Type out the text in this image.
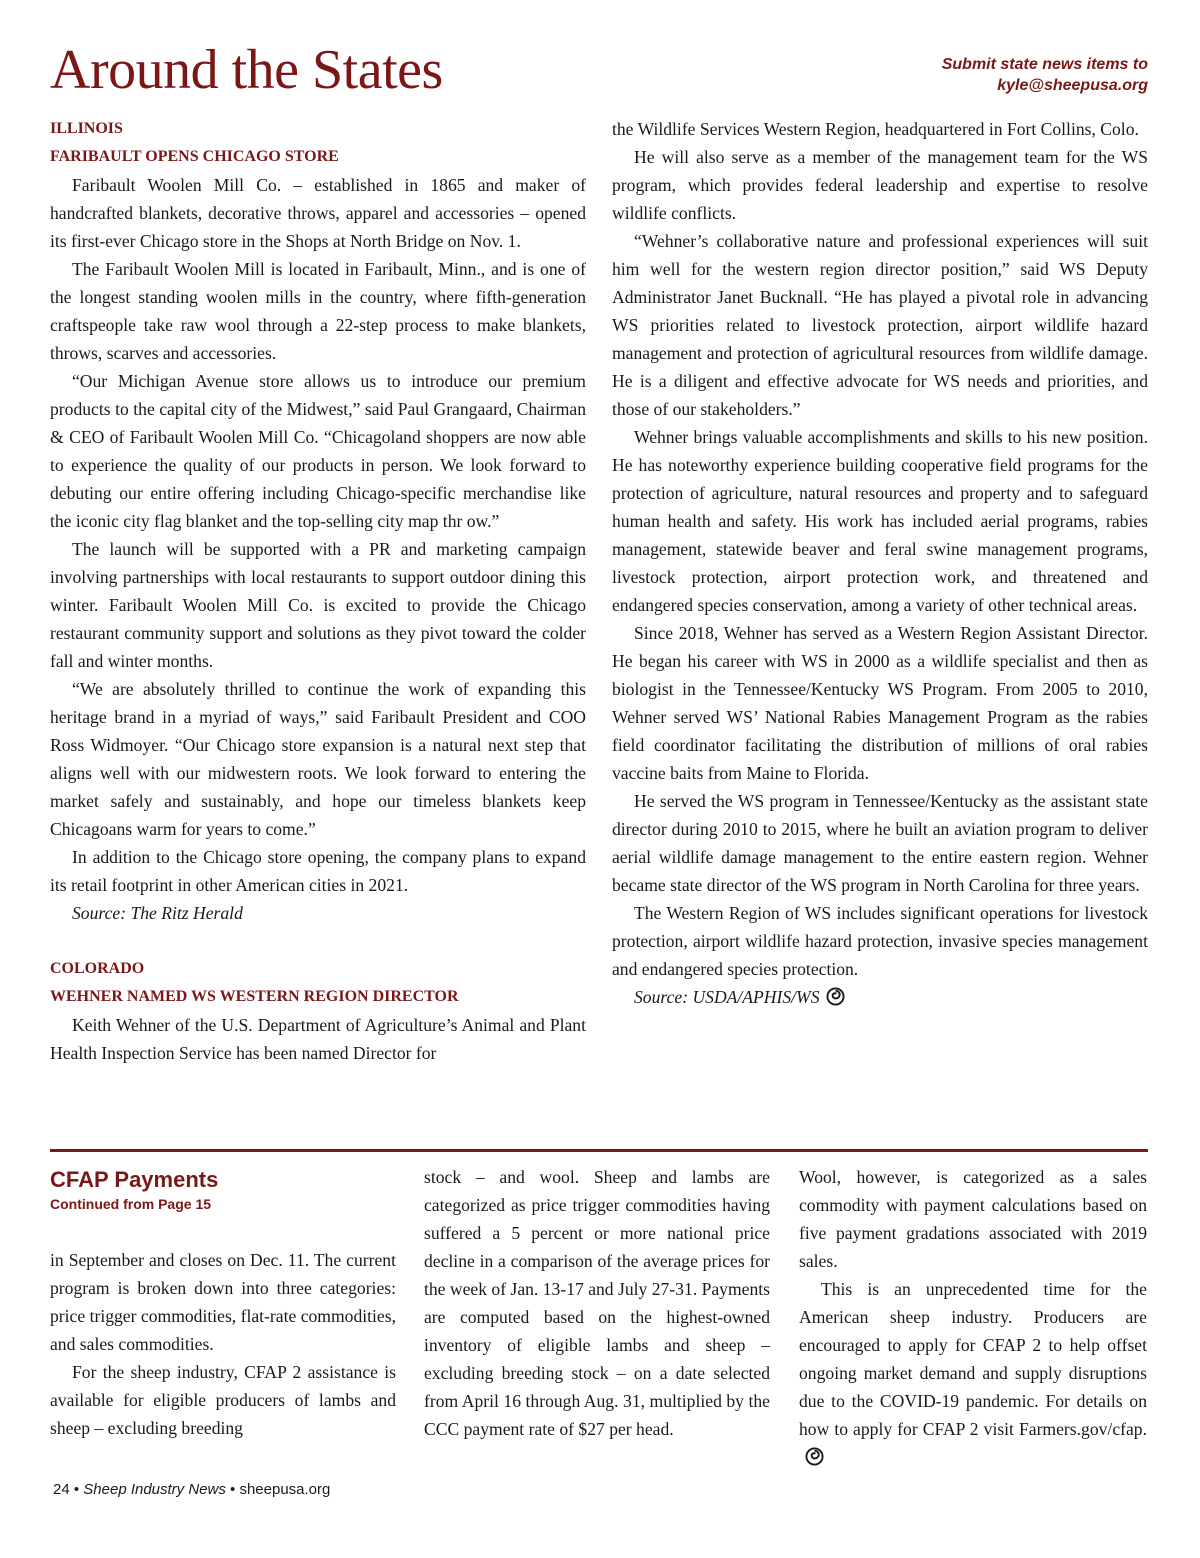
Around the States	Submit state news items to
kyle@sheepusa.org
ILLINOIS
FARIBAULT OPENS CHICAGO STORE

Faribault Woolen Mill Co. – established in 1865 and maker of handcrafted blankets, decorative throws, apparel and accessories – opened its first-ever Chicago store in the Shops at North Bridge on Nov. 1.

The Faribault Woolen Mill is located in Faribault, Minn., and is one of the longest standing woolen mills in the country, where fifth-generation craftspeople take raw wool through a 22-step process to make blankets, throws, scarves and accessories.

“Our Michigan Avenue store allows us to introduce our premium products to the capital city of the Midwest,” said Paul Grangaard, Chairman & CEO of Faribault Woolen Mill Co. “Chicagoland shoppers are now able to experience the quality of our products in person. We look forward to debuting our entire offering including Chicago-specific merchandise like the iconic city flag blanket and the top-selling city map thr ow.”

The launch will be supported with a PR and marketing campaign involving partnerships with local restaurants to support outdoor dining this winter. Faribault Woolen Mill Co. is excited to provide the Chicago restaurant community support and solutions as they pivot toward the colder fall and winter months.

“We are absolutely thrilled to continue the work of expanding this heritage brand in a myriad of ways,” said Faribault President and COO Ross Widmoyer. “Our Chicago store expansion is a natural next step that aligns well with our midwestern roots. We look forward to entering the market safely and sustainably, and hope our timeless blankets keep Chicagoans warm for years to come.”

In addition to the Chicago store opening, the company plans to expand its retail footprint in other American cities in 2021.

Source: The Ritz Herald

COLORADO
WEHNER NAMED WS WESTERN REGION DIRECTOR

Keith Wehner of the U.S. Department of Agriculture’s Animal and Plant Health Inspection Service has been named Director for

the Wildlife Services Western Region, headquartered in Fort Collins, Colo.

He will also serve as a member of the management team for the WS program, which provides federal leadership and expertise to resolve wildlife conflicts.

“Wehner’s collaborative nature and professional experiences will suit him well for the western region director position,” said WS Deputy Administrator Janet Bucknall. “He has played a pivotal role in advancing WS priorities related to livestock protection, airport wildlife hazard management and protection of agricultural resources from wildlife damage. He is a diligent and effective advocate for WS needs and priorities, and those of our stakeholders.”

Wehner brings valuable accomplishments and skills to his new position. He has noteworthy experience building cooperative field programs for the protection of agriculture, natural resources and property and to safeguard human health and safety. His work has included aerial programs, rabies management, statewide beaver and feral swine management programs, livestock protection, airport protection work, and threatened and endangered species conservation, among a variety of other technical areas.

Since 2018, Wehner has served as a Western Region Assistant Director. He began his career with WS in 2000 as a wildlife specialist and then as biologist in the Tennessee/Kentucky WS Program. From 2005 to 2010, Wehner served WS’ National Rabies Management Program as the rabies field coordinator facilitating the distribution of millions of oral rabies vaccine baits from Maine to Florida.

He served the WS program in Tennessee/Kentucky as the assistant state director during 2010 to 2015, where he built an aviation program to deliver aerial wildlife damage management to the entire eastern region. Wehner became state director of the WS program in North Carolina for three years.

The Western Region of WS includes significant operations for livestock protection, airport wildlife hazard protection, invasive species management and endangered species protection.

Source: USDA/APHIS/WS

CFAP Payments
Continued from Page 15

in September and closes on Dec. 11. The current program is broken down into three categories: price trigger commodities, flat-rate commodities, and sales commodities.

For the sheep industry, CFAP 2 assistance is available for eligible producers of lambs and sheep – excluding breeding

stock – and wool. Sheep and lambs are categorized as price trigger commodities having suffered a 5 percent or more national price decline in a comparison of the average prices for the week of Jan. 13-17 and July 27-31. Payments are computed based on the highest-owned inventory of eligible lambs and sheep – excluding breeding stock – on a date selected from April 16 through Aug. 31, multiplied by the CCC payment rate of $27 per head.

Wool, however, is categorized as a sales commodity with payment calculations based on five payment gradations associated with 2019 sales.

This is an unprecedented time for the American sheep industry. Producers are encouraged to apply for CFAP 2 to help offset ongoing market demand and supply disruptions due to the COVID-19 pandemic. For details on how to apply for CFAP 2 visit Farmers.gov/cfap.

24 • Sheep Industry News • sheepusa.org
